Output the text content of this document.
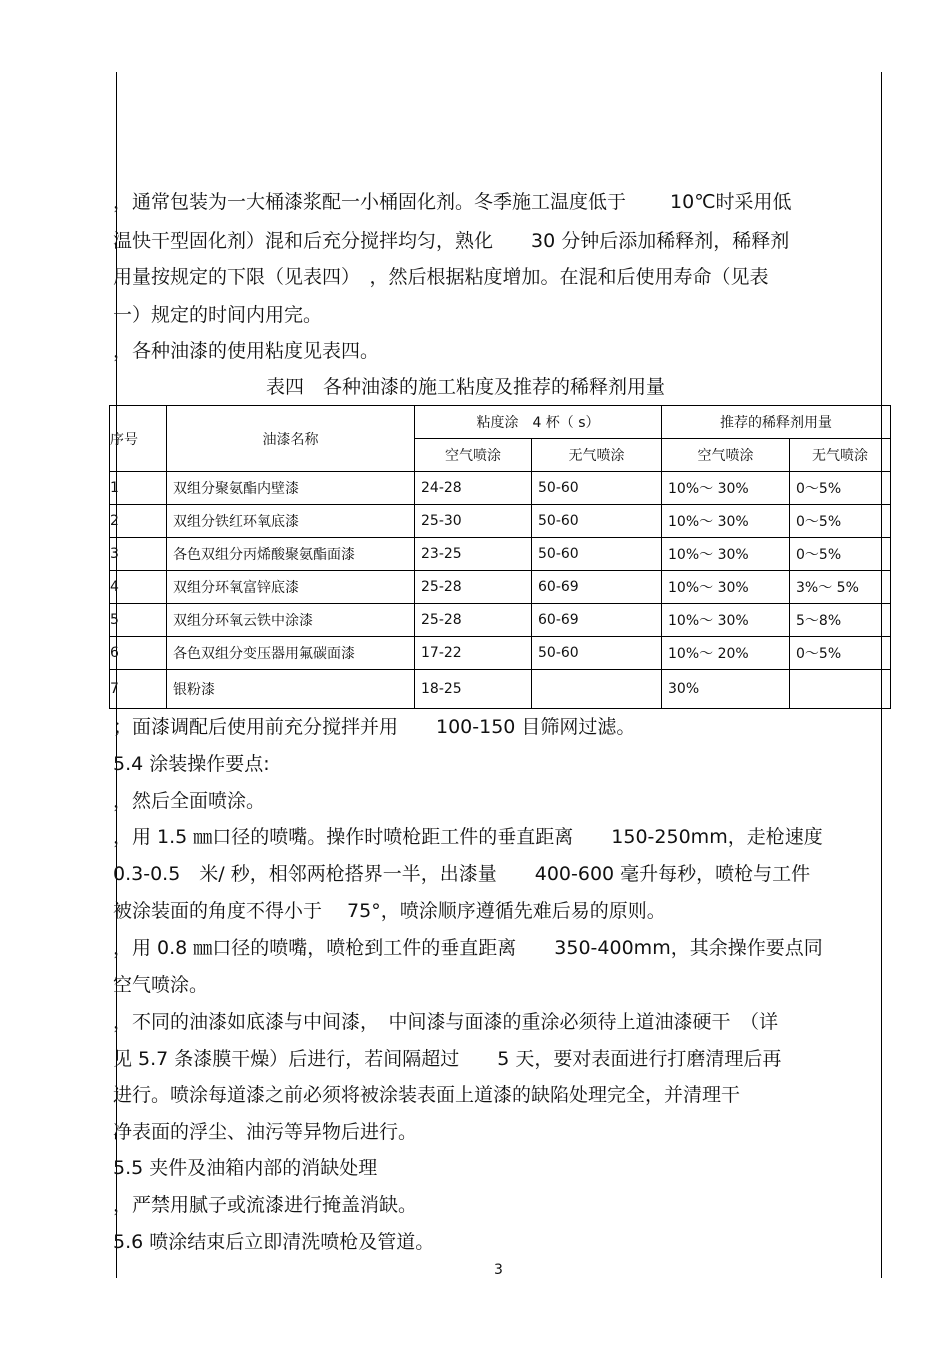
，通常包装为一大桶漆浆配一小桶固化剂。冬季施工温度低于　　 10℃时采用低
温快干型固化剂）混和后充分搅拌均匀，熟化　　30 分钟后添加稀释剂，稀释剂
用量按规定的下限（见表四）　，然后根据粘度增加。在混和后使用寿命（见表
一）规定的时间内用完。
，各种油漆的使用粘度见表四。
表四　各种油漆的施工粘度及推荐的稀释剂用量
序号	油漆名称	粘度涂　4 杯（ s）		推荐的稀释剂用量	
		空气喷涂	无气喷涂	空气喷涂	无气喷涂
1	双组分聚氨酯内壁漆	24-28	50-60	10%～ 30%	0～5%
2	双组分铁红环氧底漆	25-30	50-60	10%～ 30%	0～5%
3	各色双组分丙烯酸聚氨酯面漆	23-25	50-60	10%～ 30%	0～5%
4	双组分环氧富锌底漆	25-28	60-69	10%～ 30%	3%～ 5%
5	双组分环氧云铁中涂漆	25-28	60-69	10%～ 30%	5～8%
6	各色双组分变压器用氟碳面漆	17-22	50-60	10%～ 20%	0～5%
7	银粉漆	18-25		30%	
；面漆调配后使用前充分搅拌并用　　100-150 目筛网过滤。
5.4 涂装操作要点:
，然后全面喷涂。
，用 1.5 ㎜口径的喷嘴。操作时喷枪距工件的垂直距离　　150-250mm，走枪速度
0.3-0.5　米/ 秒，相邻两枪搭界一半，出漆量　　400-600 毫升每秒，喷枪与工件
被涂装面的角度不得小于　 75°，喷涂顺序遵循先难后易的原则。
，用 0.8 ㎜口径的喷嘴，喷枪到工件的垂直距离　　350-400mm，其余操作要点同
空气喷涂。
，不同的油漆如底漆与中间漆，　中间漆与面漆的重涂必须待上道油漆硬干　（详
见 5.7 条漆膜干燥）后进行，若间隔超过　　5 天，要对表面进行打磨清理后再
进行。喷涂每道漆之前必须将被涂装表面上道漆的缺陷处理完全，并清理干
净表面的浮尘、油污等异物后进行。
5.5 夹件及油箱内部的消缺处理
，严禁用腻子或流漆进行掩盖消缺。
5.6 喷涂结束后立即清洗喷枪及管道。
3
